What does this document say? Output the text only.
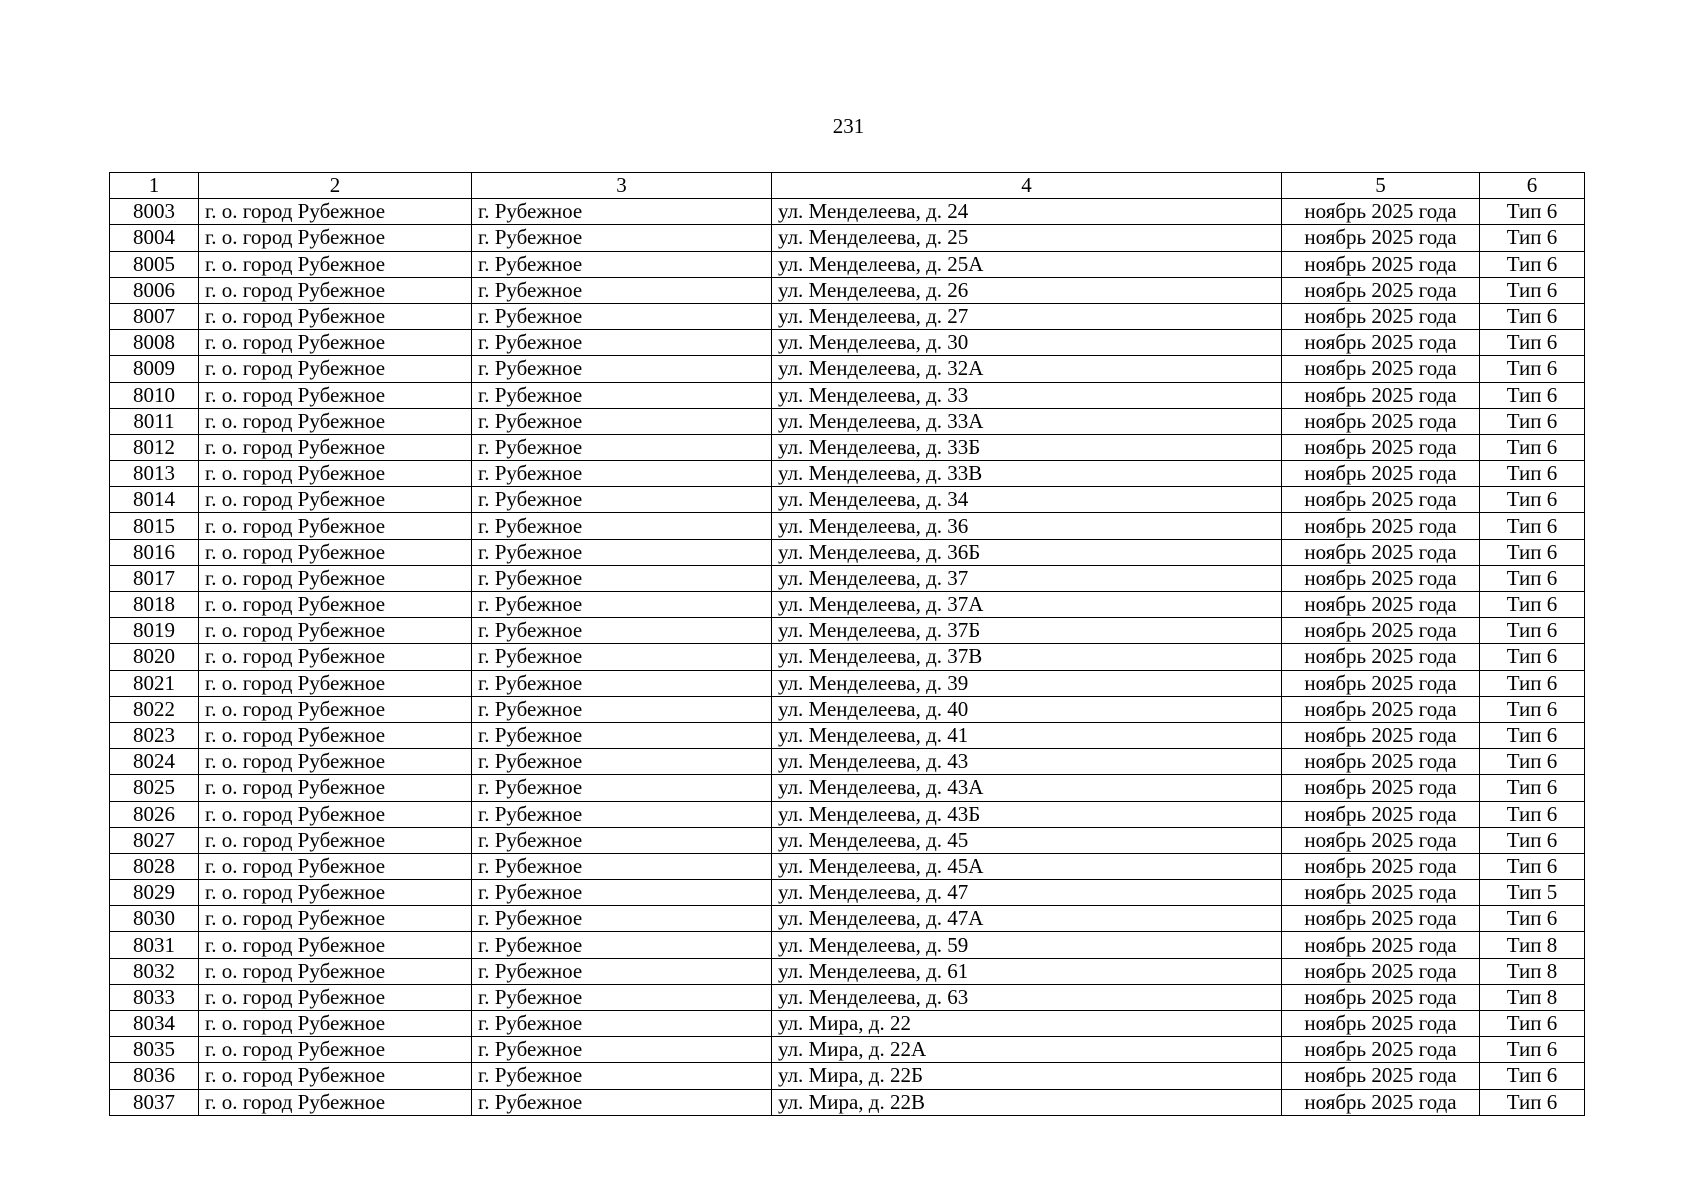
231
1	2	3	4	5	6
8003	г. о. город Рубежное	г. Рубежное	ул. Менделеева, д. 24	ноябрь 2025 года	Тип 6
8004	г. о. город Рубежное	г. Рубежное	ул. Менделеева, д. 25	ноябрь 2025 года	Тип 6
8005	г. о. город Рубежное	г. Рубежное	ул. Менделеева, д. 25А	ноябрь 2025 года	Тип 6
8006	г. о. город Рубежное	г. Рубежное	ул. Менделеева, д. 26	ноябрь 2025 года	Тип 6
8007	г. о. город Рубежное	г. Рубежное	ул. Менделеева, д. 27	ноябрь 2025 года	Тип 6
8008	г. о. город Рубежное	г. Рубежное	ул. Менделеева, д. 30	ноябрь 2025 года	Тип 6
8009	г. о. город Рубежное	г. Рубежное	ул. Менделеева, д. 32А	ноябрь 2025 года	Тип 6
8010	г. о. город Рубежное	г. Рубежное	ул. Менделеева, д. 33	ноябрь 2025 года	Тип 6
8011	г. о. город Рубежное	г. Рубежное	ул. Менделеева, д. 33А	ноябрь 2025 года	Тип 6
8012	г. о. город Рубежное	г. Рубежное	ул. Менделеева, д. 33Б	ноябрь 2025 года	Тип 6
8013	г. о. город Рубежное	г. Рубежное	ул. Менделеева, д. 33В	ноябрь 2025 года	Тип 6
8014	г. о. город Рубежное	г. Рубежное	ул. Менделеева, д. 34	ноябрь 2025 года	Тип 6
8015	г. о. город Рубежное	г. Рубежное	ул. Менделеева, д. 36	ноябрь 2025 года	Тип 6
8016	г. о. город Рубежное	г. Рубежное	ул. Менделеева, д. 36Б	ноябрь 2025 года	Тип 6
8017	г. о. город Рубежное	г. Рубежное	ул. Менделеева, д. 37	ноябрь 2025 года	Тип 6
8018	г. о. город Рубежное	г. Рубежное	ул. Менделеева, д. 37А	ноябрь 2025 года	Тип 6
8019	г. о. город Рубежное	г. Рубежное	ул. Менделеева, д. 37Б	ноябрь 2025 года	Тип 6
8020	г. о. город Рубежное	г. Рубежное	ул. Менделеева, д. 37В	ноябрь 2025 года	Тип 6
8021	г. о. город Рубежное	г. Рубежное	ул. Менделеева, д. 39	ноябрь 2025 года	Тип 6
8022	г. о. город Рубежное	г. Рубежное	ул. Менделеева, д. 40	ноябрь 2025 года	Тип 6
8023	г. о. город Рубежное	г. Рубежное	ул. Менделеева, д. 41	ноябрь 2025 года	Тип 6
8024	г. о. город Рубежное	г. Рубежное	ул. Менделеева, д. 43	ноябрь 2025 года	Тип 6
8025	г. о. город Рубежное	г. Рубежное	ул. Менделеева, д. 43А	ноябрь 2025 года	Тип 6
8026	г. о. город Рубежное	г. Рубежное	ул. Менделеева, д. 43Б	ноябрь 2025 года	Тип 6
8027	г. о. город Рубежное	г. Рубежное	ул. Менделеева, д. 45	ноябрь 2025 года	Тип 6
8028	г. о. город Рубежное	г. Рубежное	ул. Менделеева, д. 45А	ноябрь 2025 года	Тип 6
8029	г. о. город Рубежное	г. Рубежное	ул. Менделеева, д. 47	ноябрь 2025 года	Тип 5
8030	г. о. город Рубежное	г. Рубежное	ул. Менделеева, д. 47А	ноябрь 2025 года	Тип 6
8031	г. о. город Рубежное	г. Рубежное	ул. Менделеева, д. 59	ноябрь 2025 года	Тип 8
8032	г. о. город Рубежное	г. Рубежное	ул. Менделеева, д. 61	ноябрь 2025 года	Тип 8
8033	г. о. город Рубежное	г. Рубежное	ул. Менделеева, д. 63	ноябрь 2025 года	Тип 8
8034	г. о. город Рубежное	г. Рубежное	ул. Мира, д. 22	ноябрь 2025 года	Тип 6
8035	г. о. город Рубежное	г. Рубежное	ул. Мира, д. 22А	ноябрь 2025 года	Тип 6
8036	г. о. город Рубежное	г. Рубежное	ул. Мира, д. 22Б	ноябрь 2025 года	Тип 6
8037	г. о. город Рубежное	г. Рубежное	ул. Мира, д. 22В	ноябрь 2025 года	Тип 6
